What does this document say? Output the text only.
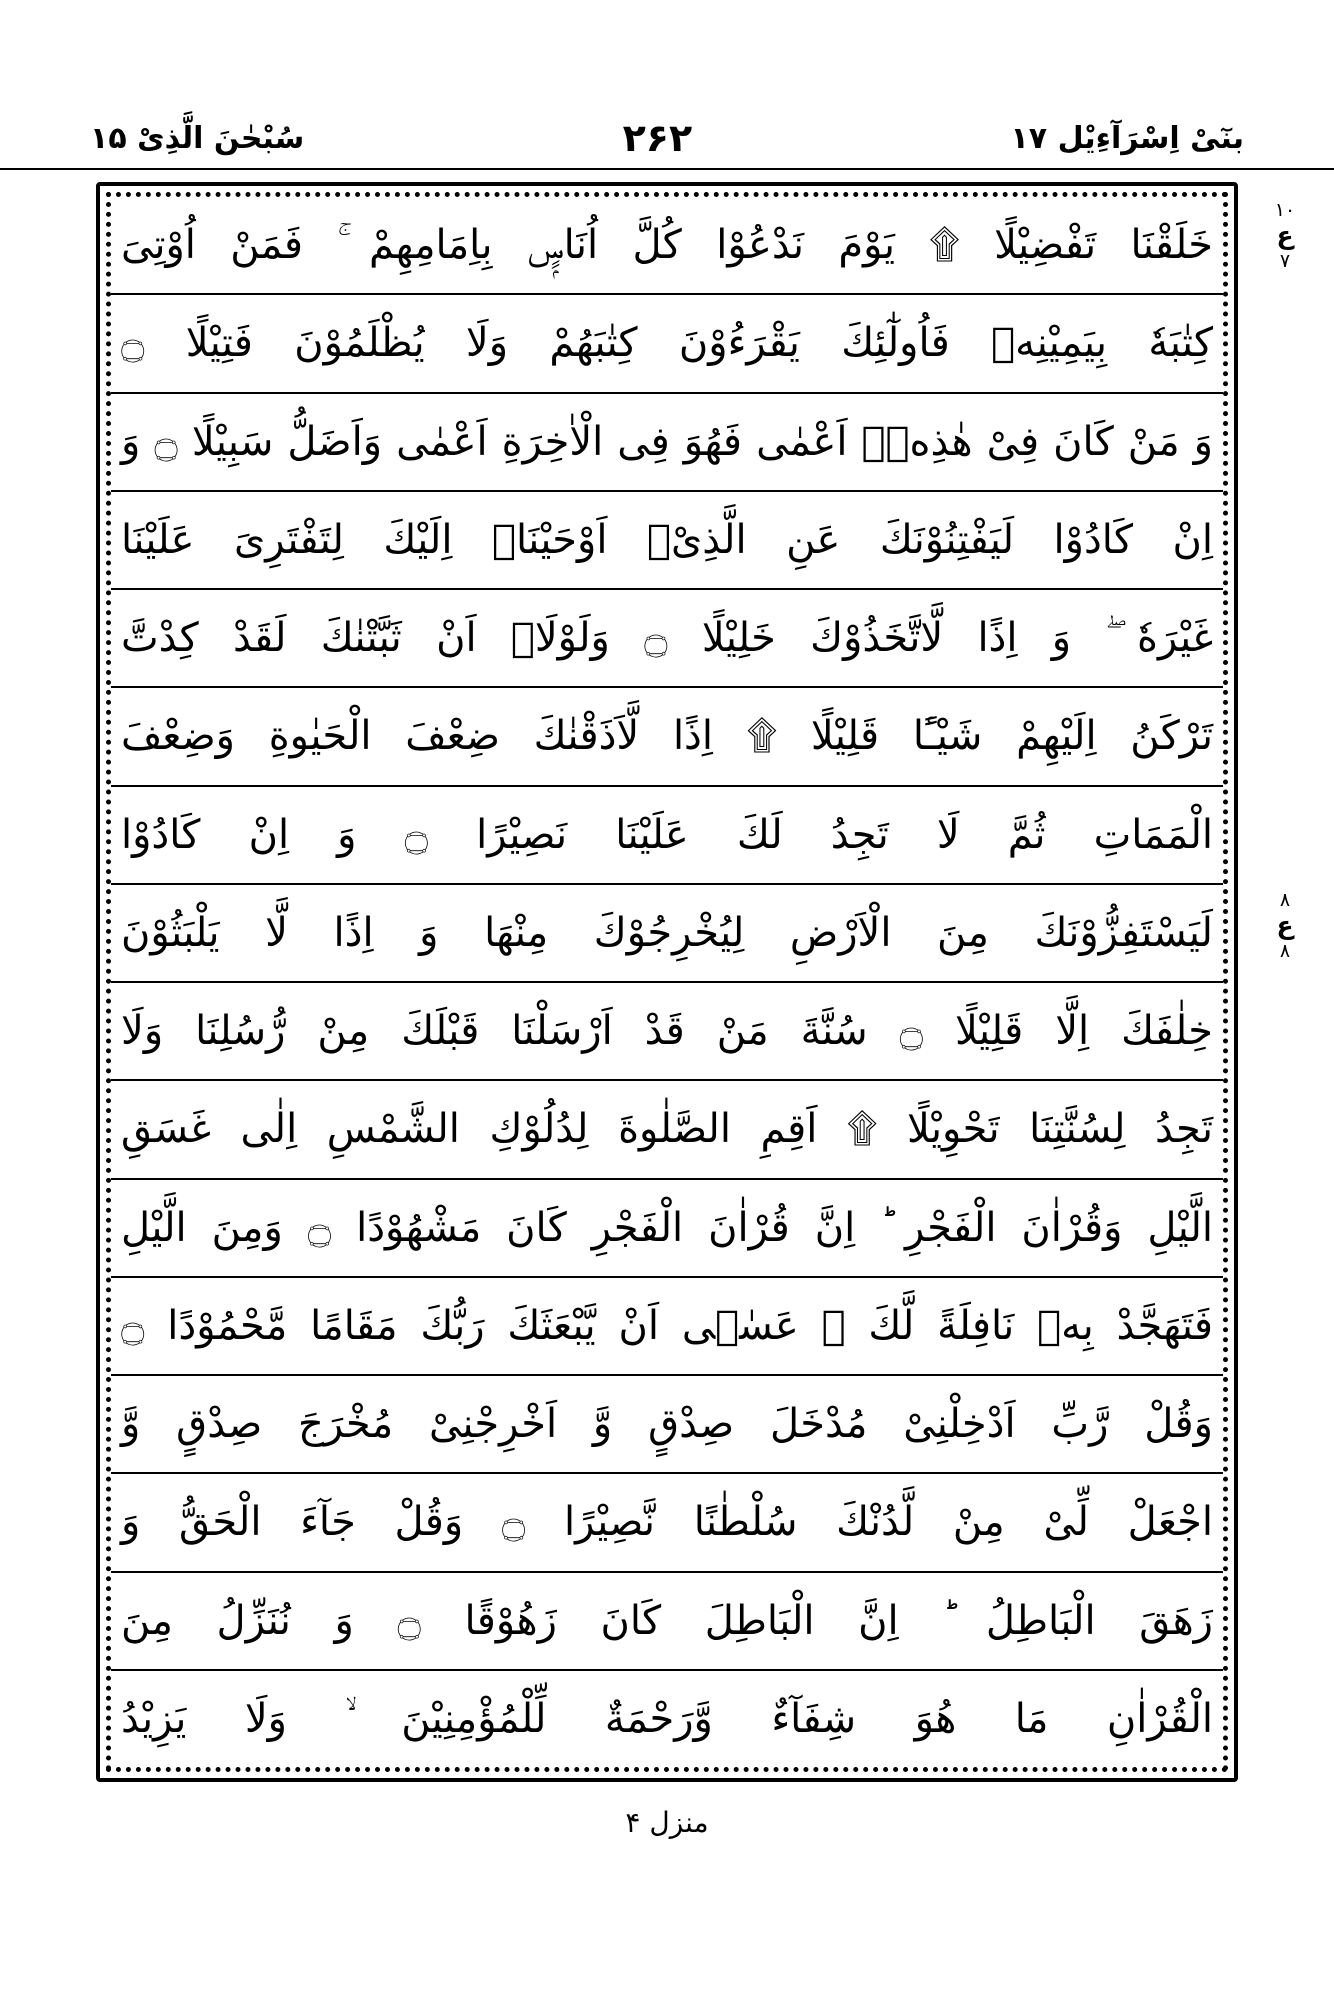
بنٓیْ اِسْرَآءِیْل ۱۷
۲۶۲
سُبْحٰنَ الَّذِیْ ۱۵
۱۰
ع
۷
۸
ع
۸
خَلَقْنَا تَفْضِیْلًا ۩ یَوْمَ نَدْعُوْا كُلَّ اُنَاسٍۭ بِاِمَامِهِمْ ۚ فَمَنْ اُوْتِیَ
كِتٰبَهٗ بِیَمِیْنِهٖ فَاُولٰٓئِكَ یَقْرَءُوْنَ كِتٰبَهُمْ وَلَا یُظْلَمُوْنَ فَتِیْلًا ۝
وَ مَنْ كَانَ فِیْ هٰذِهٖۤ اَعْمٰى فَهُوَ فِی الْاٰخِرَةِ اَعْمٰى وَاَضَلُّ سَبِیْلًا ۝ وَ
اِنْ كَادُوْا لَیَفْتِنُوْنَكَ عَنِ الَّذِیْۤ اَوْحَیْنَاۤ اِلَیْكَ لِتَفْتَرِیَ عَلَیْنَا
غَیْرَهٗ ۖ وَ اِذًا لَّاتَّخَذُوْكَ خَلِیْلًا ۝ وَلَوْلَاۤ اَنْ ثَبَّتْنٰكَ لَقَدْ كِدْتَّ
تَرْكَنُ اِلَیْهِمْ شَیْـًٔا قَلِیْلًا ۩ اِذًا لَّاَذَقْنٰكَ ضِعْفَ الْحَیٰوةِ وَضِعْفَ
الْمَمَاتِ ثُمَّ لَا تَجِدُ لَكَ عَلَیْنَا نَصِیْرًا ۝ وَ اِنْ كَادُوْا
لَیَسْتَفِزُّوْنَكَ مِنَ الْاَرْضِ لِیُخْرِجُوْكَ مِنْهَا وَ اِذًا لَّا یَلْبَثُوْنَ
خِلٰفَكَ اِلَّا قَلِیْلًا ۝ سُنَّةَ مَنْ قَدْ اَرْسَلْنَا قَبْلَكَ مِنْ رُّسُلِنَا وَلَا
تَجِدُ لِسُنَّتِنَا تَحْوِیْلًا ۩ اَقِمِ الصَّلٰوةَ لِدُلُوْكِ الشَّمْسِ اِلٰى غَسَقِ
الَّیْلِ وَقُرْاٰنَ الْفَجْرِ ؕ اِنَّ قُرْاٰنَ الْفَجْرِ كَانَ مَشْهُوْدًا ۝ وَمِنَ الَّیْلِ
فَتَهَجَّدْ بِهٖ نَافِلَةً لَّكَ ۖ عَسٰۤى اَنْ یَّبْعَثَكَ رَبُّكَ مَقَامًا مَّحْمُوْدًا ۝
وَقُلْ رَّبِّ اَدْخِلْنِیْ مُدْخَلَ صِدْقٍ وَّ اَخْرِجْنِیْ مُخْرَجَ صِدْقٍ وَّ
اجْعَلْ لِّیْ مِنْ لَّدُنْكَ سُلْطٰنًا نَّصِیْرًا ۝ وَقُلْ جَآءَ الْحَقُّ وَ
زَهَقَ الْبَاطِلُ ؕ اِنَّ الْبَاطِلَ كَانَ زَهُوْقًا ۝ وَ نُنَزِّلُ مِنَ
الْقُرْاٰنِ مَا هُوَ شِفَآءٌ وَّرَحْمَةٌ لِّلْمُؤْمِنِیْنَ ۙ وَلَا یَزِیْدُ
منزل ۴
